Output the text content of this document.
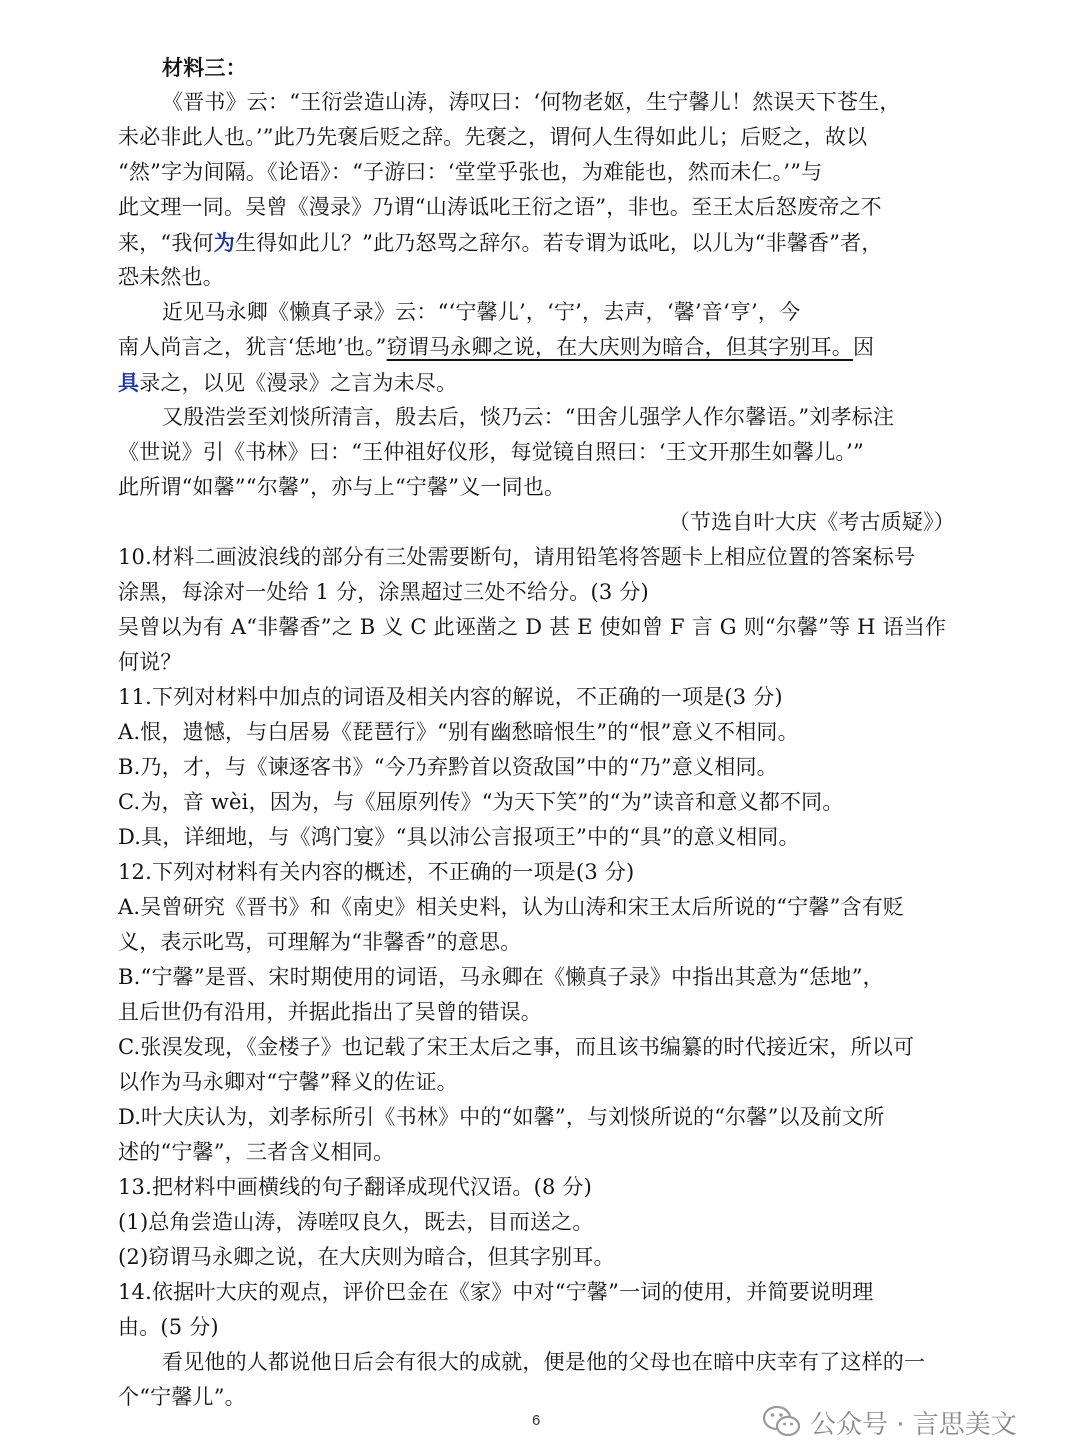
材料三：
《晋书》云：“王衍尝造山涛，涛叹曰：‘何物老妪，生宁馨儿！然误天下苍生，
未必非此人也。’”此乃先褒后贬之辞。先褒之，谓何人生得如此儿；后贬之，故以
“然”字为间隔。《论语》：“子游曰：‘堂堂乎张也，为难能也，然而未仁。’”与
此文理一同。吴曾《漫录》乃谓“山涛诋叱王衍之语”，非也。至王太后怒废帝之不
来，“我何为生得如此儿？”此乃怒骂之辞尔。若专谓为诋叱，以儿为“非馨香”者，
恐未然也。
近见马永卿《懒真子录》云：“‘宁馨儿’，‘宁’，去声，‘馨’音‘亨’，今
南人尚言之，犹言‘恁地’也。”窃谓马永卿之说，在大庆则为暗合，但其字别耳。因
具录之，以见《漫录》之言为未尽。
又殷浩尝至刘惔所清言，殷去后，惔乃云：“田舍儿强学人作尔馨语。”刘孝标注
《世说》引《书林》曰：“王仲祖好仪形，每觉镜自照曰：‘王文开那生如馨儿。’”
此所谓“如馨”“尔馨”，亦与上“宁馨”义一同也。
（节选自叶大庆《考古质疑》）
10.材料二画波浪线的部分有三处需要断句，请用铅笔将答题卡上相应位置的答案标号
涂黑，每涂对一处给 1 分，涂黑超过三处不给分。(3 分)
吴曾以为有 A“非馨香”之 B 义 C 此诬凿之 D 甚 E 使如曾 F 言 G 则“尔馨”等 H 语当作
何说？
11.下列对材料中加点的词语及相关内容的解说，不正确的一项是(3 分)
A.恨，遗憾，与白居易《琵琶行》“别有幽愁暗恨生”的“恨”意义不相同。
B.乃，才，与《谏逐客书》“今乃弃黔首以资敌国”中的“乃”意义相同。
C.为，音 wèi，因为，与《屈原列传》“为天下笑”的“为”读音和意义都不同。
D.具，详细地，与《鸿门宴》“具以沛公言报项王”中的“具”的意义相同。
12.下列对材料有关内容的概述，不正确的一项是(3 分)
A.吴曾研究《晋书》和《南史》相关史料，认为山涛和宋王太后所说的“宁馨”含有贬
义，表示叱骂，可理解为“非馨香”的意思。
B.“宁馨”是晋、宋时期使用的词语，马永卿在《懒真子录》中指出其意为“恁地”，
且后世仍有沿用，并据此指出了吴曾的错误。
C.张淏发现，《金楼子》也记载了宋王太后之事，而且该书编纂的时代接近宋，所以可
以作为马永卿对“宁馨”释义的佐证。
D.叶大庆认为，刘孝标所引《书林》中的“如馨”，与刘惔所说的“尔馨”以及前文所
述的“宁馨”，三者含义相同。
13.把材料中画横线的句子翻译成现代汉语。(8 分)
(1)总角尝造山涛，涛嗟叹良久，既去，目而送之。
(2)窃谓马永卿之说，在大庆则为暗合，但其字别耳。
14.依据叶大庆的观点，评价巴金在《家》中对“宁馨”一词的使用，并简要说明理
由。(5 分)
看见他的人都说他日后会有很大的成就，便是他的父母也在暗中庆幸有了这样的一
个“宁馨儿”。
6	公众号 · 言思美文
